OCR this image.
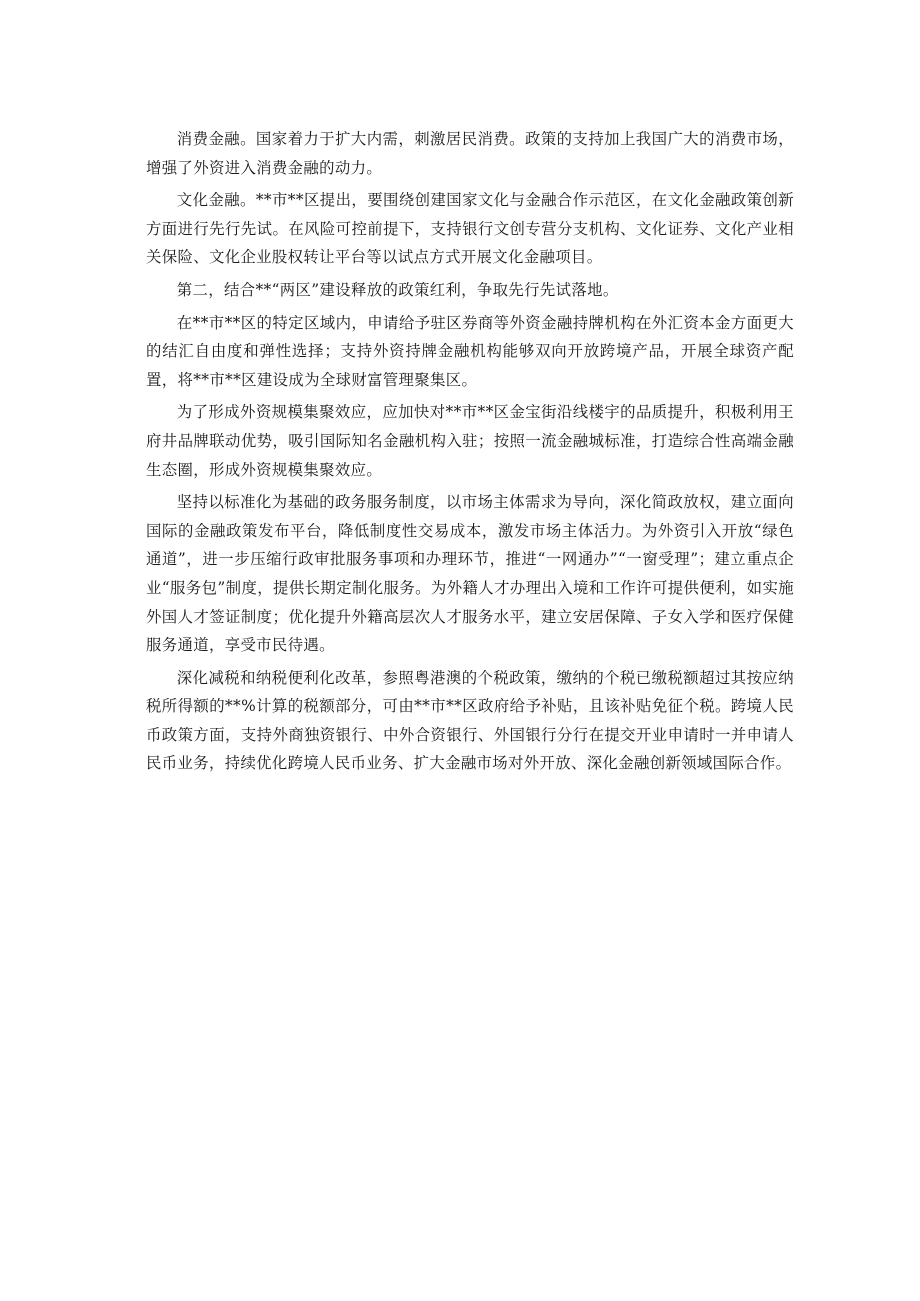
消费金融。国家着力于扩大内需，刺激居民消费。政策的支持加上我国广大的消费市场，增强了外资进入消费金融的动力。

文化金融。**市**区提出，要围绕创建国家文化与金融合作示范区，在文化金融政策创新方面进行先行先试。在风险可控前提下，支持银行文创专营分支机构、文化证券、文化产业相关保险、文化企业股权转让平台等以试点方式开展文化金融项目。

第二，结合**“两区”建设释放的政策红利，争取先行先试落地。

在**市**区的特定区域内，申请给予驻区券商等外资金融持牌机构在外汇资本金方面更大的结汇自由度和弹性选择；支持外资持牌金融机构能够双向开放跨境产品，开展全球资产配置，将**市**区建设成为全球财富管理聚集区。

为了形成外资规模集聚效应，应加快对**市**区金宝街沿线楼宇的品质提升，积极利用王府井品牌联动优势，吸引国际知名金融机构入驻；按照一流金融城标准，打造综合性高端金融生态圈，形成外资规模集聚效应。

坚持以标准化为基础的政务服务制度，以市场主体需求为导向，深化简政放权，建立面向国际的金融政策发布平台，降低制度性交易成本，激发市场主体活力。为外资引入开放“绿色通道”，进一步压缩行政审批服务事项和办理环节，推进“一网通办”“一窗受理”；建立重点企业“服务包”制度，提供长期定制化服务。为外籍人才办理出入境和工作许可提供便利，如实施外国人才签证制度；优化提升外籍高层次人才服务水平，建立安居保障、子女入学和医疗保健服务通道，享受市民待遇。

深化减税和纳税便利化改革，参照粤港澳的个税政策，缴纳的个税已缴税额超过其按应纳税所得额的**%计算的税额部分，可由**市**区政府给予补贴，且该补贴免征个税。跨境人民币政策方面，支持外商独资银行、中外合资银行、外国银行分行在提交开业申请时一并申请人民币业务，持续优化跨境人民币业务、扩大金融市场对外开放、深化金融创新领域国际合作。
